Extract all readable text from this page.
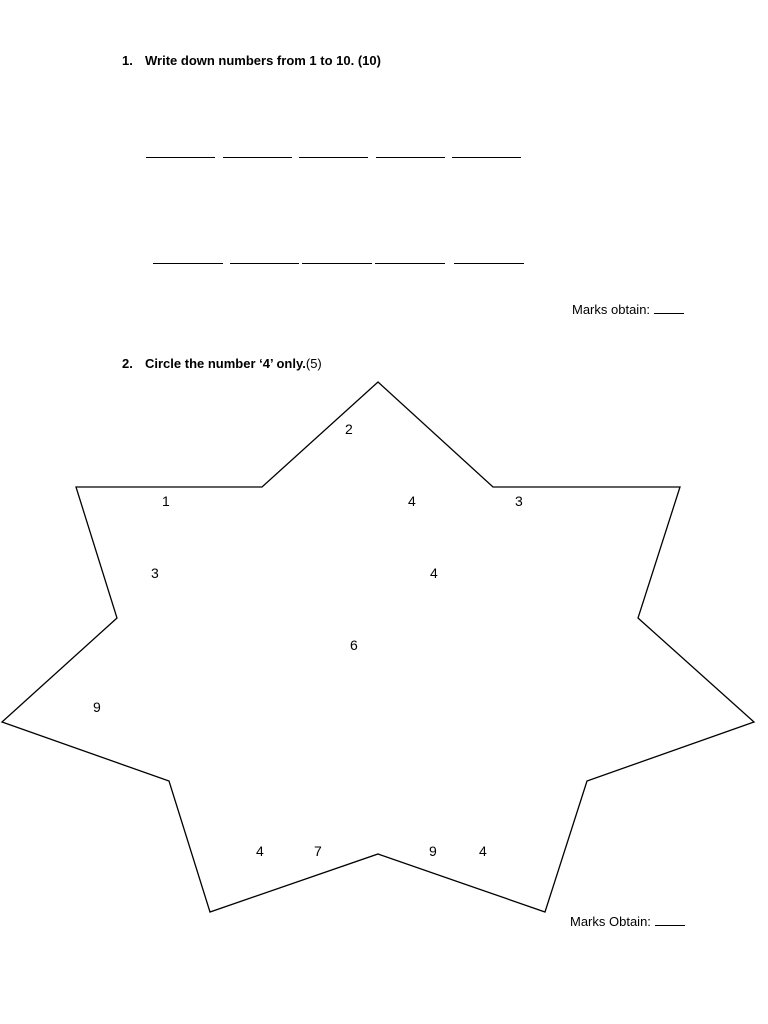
1. Write down numbers from 1 to 10. (10)
Marks obtain:
2. Circle the number ‘4’ only.(5)
2
1	4	3
3	4
6
9
4	7	9	4
Marks Obtain:
